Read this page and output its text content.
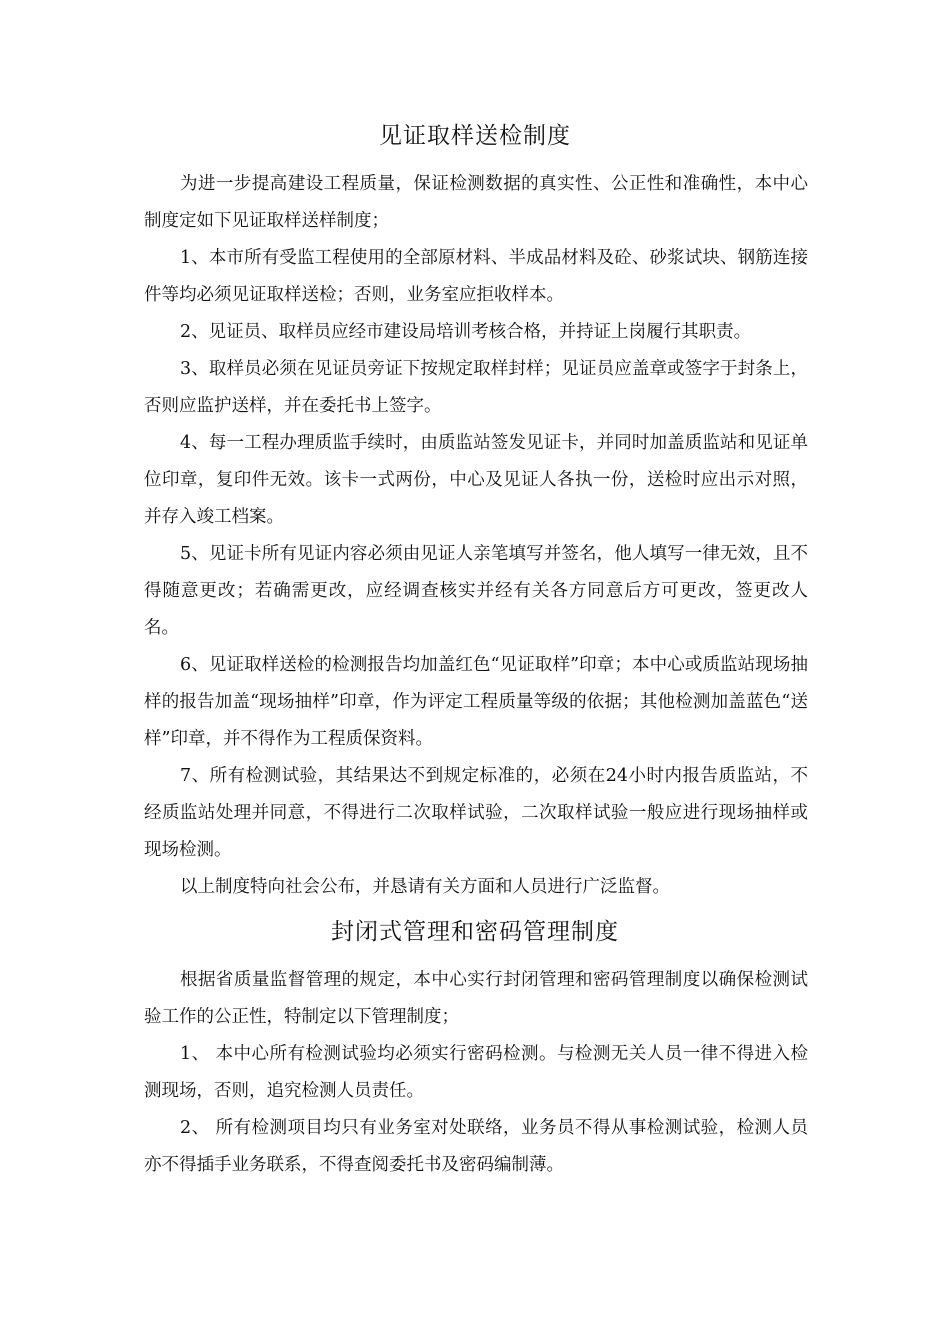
见证取样送检制度

为进一步提高建设工程质量，保证检测数据的真实性、公正性和准确性，本中心制度定如下见证取样送样制度；

1、本市所有受监工程使用的全部原材料、半成品材料及砼、砂浆试块、钢筋连接件等均必须见证取样送检；否则，业务室应拒收样本。

2、见证员、取样员应经市建设局培训考核合格，并持证上岗履行其职责。

3、取样员必须在见证员旁证下按规定取样封样；见证员应盖章或签字于封条上，否则应监护送样，并在委托书上签字。

4、每一工程办理质监手续时，由质监站签发见证卡，并同时加盖质监站和见证单位印章，复印件无效。该卡一式两份，中心及见证人各执一份，送检时应出示对照，并存入竣工档案。

5、见证卡所有见证内容必须由见证人亲笔填写并签名，他人填写一律无效，且不得随意更改；若确需更改，应经调查核实并经有关各方同意后方可更改，签更改人名。

6、见证取样送检的检测报告均加盖红色“见证取样”印章；本中心或质监站现场抽样的报告加盖“现场抽样”印章，作为评定工程质量等级的依据；其他检测加盖蓝色“送样”印章，并不得作为工程质保资料。

7、所有检测试验，其结果达不到规定标准的，必须在24小时内报告质监站，不经质监站处理并同意，不得进行二次取样试验，二次取样试验一般应进行现场抽样或现场检测。

以上制度特向社会公布，并恳请有关方面和人员进行广泛监督。

封闭式管理和密码管理制度

根据省质量监督管理的规定，本中心实行封闭管理和密码管理制度以确保检测试验工作的公正性，特制定以下管理制度；

1、 本中心所有检测试验均必须实行密码检测。与检测无关人员一律不得进入检测现场，否则，追究检测人员责任。

2、 所有检测项目均只有业务室对处联络，业务员不得从事检测试验，检测人员亦不得插手业务联系，不得查阅委托书及密码编制薄。
